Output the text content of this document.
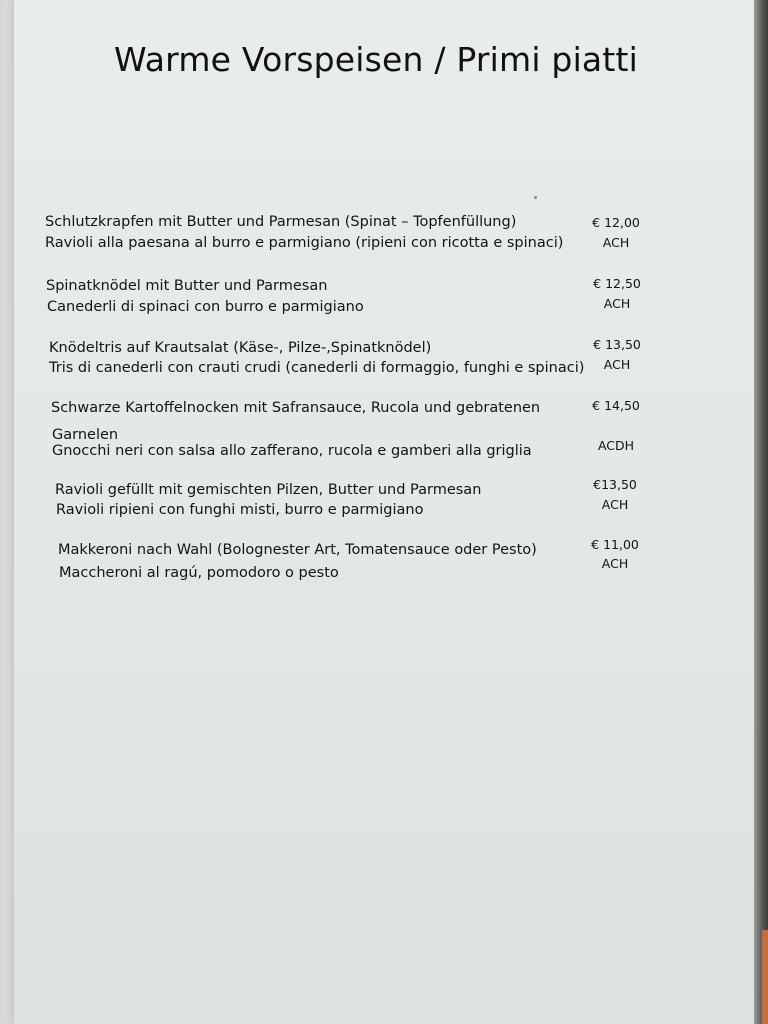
Warme Vorspeisen / Primi piatti
Schlutzkrapfen mit Butter und Parmesan (Spinat – Topfenfüllung)
Ravioli alla paesana al burro e parmigiano (ripieni con ricotta e spinaci)
€ 12,00
ACH
Spinatknödel mit Butter und Parmesan
Canederli di spinaci con burro e parmigiano
€ 12,50
ACH
Knödeltris auf Krautsalat (Käse-, Pilze-,Spinatknödel)
Tris di canederli con crauti crudi (canederli di formaggio, funghi e spinaci)
€ 13,50
ACH
Schwarze Kartoffelnocken mit Safransauce, Rucola und gebratenen
Garnelen
Gnocchi neri con salsa allo zafferano, rucola e gamberi alla griglia
€ 14,50
ACDH
Ravioli gefüllt mit gemischten Pilzen, Butter und Parmesan
Ravioli ripieni con funghi misti, burro e parmigiano
€13,50
ACH
Makkeroni nach Wahl (Bolognester Art, Tomatensauce oder Pesto)
Maccheroni al ragú, pomodoro o pesto
€ 11,00
ACH
